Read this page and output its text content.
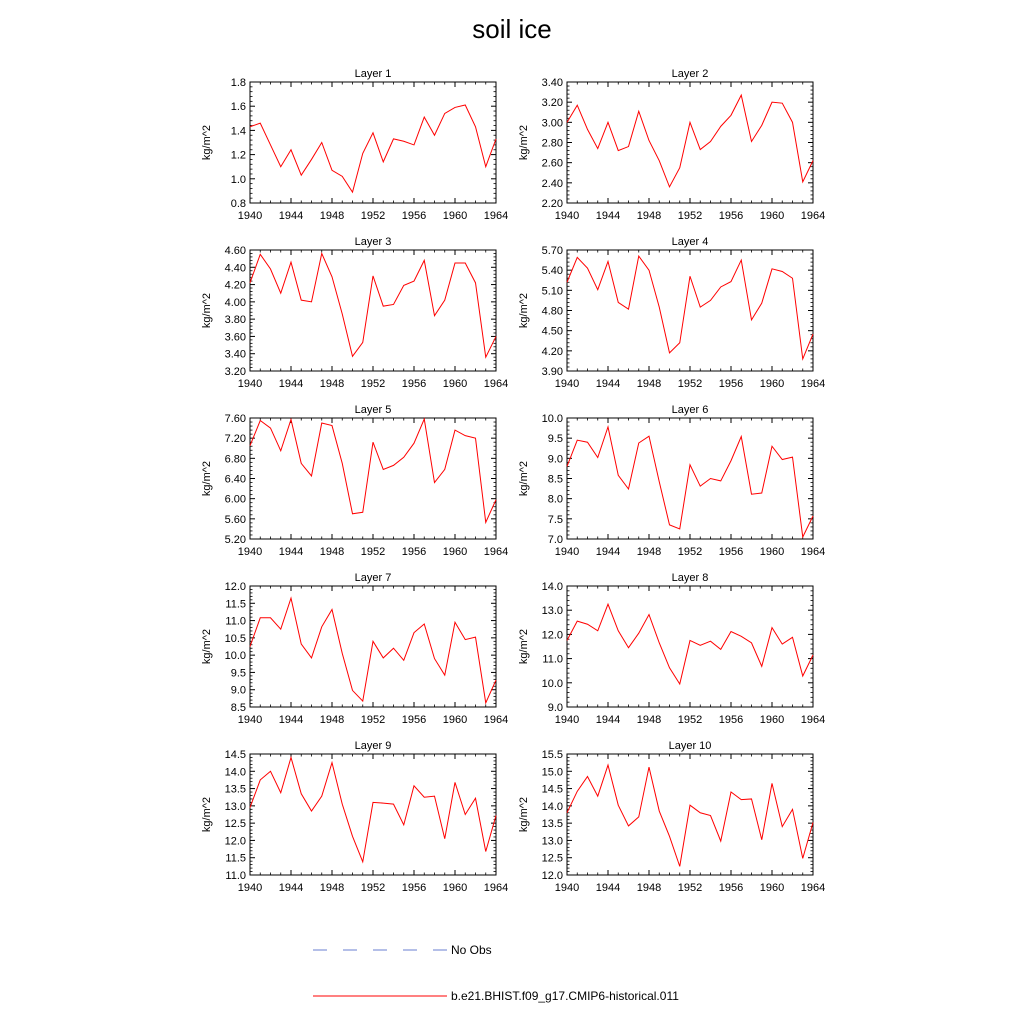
soil ice
Layer 1
0.8
1.0
1.2
1.4
1.6
1.8
1940 1944 1948 1952 1956 1960 1964
kg/m^2
Layer 2
2.20
2.40
2.60
2.80
3.00
3.20
3.40
1940 1944 1948 1952 1956 1960 1964
kg/m^2
Layer 3
3.20
3.40
3.60
3.80
4.00
4.20
4.40
4.60
1940 1944 1948 1952 1956 1960 1964
kg/m^2
Layer 4
3.90
4.20
4.50
4.80
5.10
5.40
5.70
1940 1944 1948 1952 1956 1960 1964
kg/m^2
Layer 5
5.20
5.60
6.00
6.40
6.80
7.20
7.60
1940 1944 1948 1952 1956 1960 1964
kg/m^2
Layer 6
7.0
7.5
8.0
8.5
9.0
9.5
10.0
1940 1944 1948 1952 1956 1960 1964
kg/m^2
Layer 7
8.5
9.0
9.5
10.0
10.5
11.0
11.5
12.0
1940 1944 1948 1952 1956 1960 1964
kg/m^2
Layer 8
9.0
10.0
11.0
12.0
13.0
14.0
1940 1944 1948 1952 1956 1960 1964
kg/m^2
Layer 9
11.0
11.5
12.0
12.5
13.0
13.5
14.0
14.5
1940 1944 1948 1952 1956 1960 1964
kg/m^2
Layer 10
12.0
12.5
13.0
13.5
14.0
14.5
15.0
15.5
1940 1944 1948 1952 1956 1960 1964
kg/m^2
No Obs
b.e21.BHIST.f09_g17.CMIP6-historical.011
